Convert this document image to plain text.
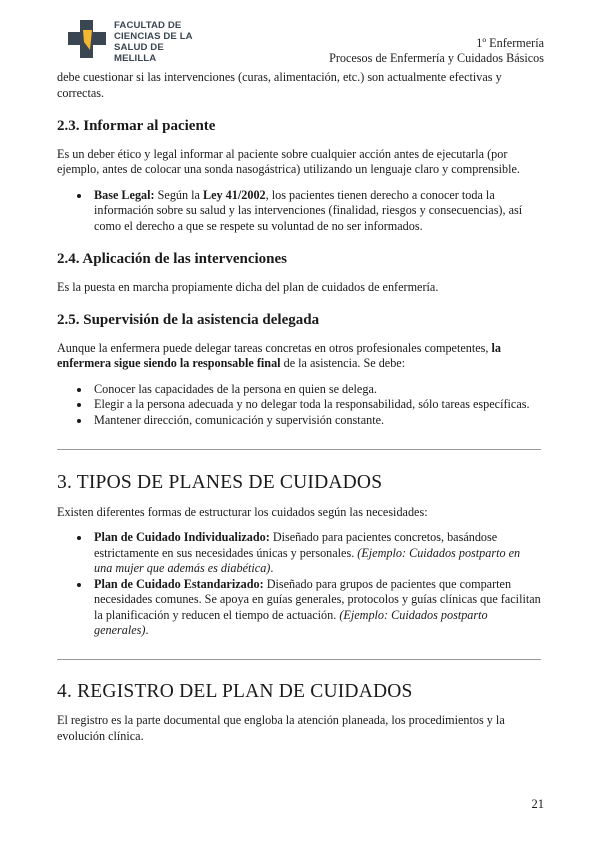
FACULTAD DE
CIENCIAS DE LA
SALUD DE MELILLA
1º Enfermería
Procesos de Enfermería y Cuidados Básicos

debe cuestionar si las intervenciones (curas, alimentación, etc.) son actualmente efectivas y correctas.

2.3. Informar al paciente

Es un deber ético y legal informar al paciente sobre cualquier acción antes de ejecutarla (por ejemplo, antes de colocar una sonda nasogástrica) utilizando un lenguaje claro y comprensible.

• Base Legal: Según la Ley 41/2002, los pacientes tienen derecho a conocer toda la información sobre su salud y las intervenciones (finalidad, riesgos y consecuencias), así como el derecho a que se respete su voluntad de no ser informados.
2.4. Aplicación de las intervenciones

Es la puesta en marcha propiamente dicha del plan de cuidados de enfermería.

2.5. Supervisión de la asistencia delegada

Aunque la enfermera puede delegar tareas concretas en otros profesionales competentes, la enfermera sigue siendo la responsable final de la asistencia. Se debe:

• Conocer las capacidades de la persona en quien se delega.
• Elegir a la persona adecuada y no delegar toda la responsabilidad, sólo tareas específicas.
• Mantener dirección, comunicación y supervisión constante.
3. TIPOS DE PLANES DE CUIDADOS

Existen diferentes formas de estructurar los cuidados según las necesidades:

• Plan de Cuidado Individualizado: Diseñado para pacientes concretos, basándose estrictamente en sus necesidades únicas y personales. (Ejemplo: Cuidados postparto en una mujer que además es diabética).
• Plan de Cuidado Estandarizado: Diseñado para grupos de pacientes que comparten necesidades comunes. Se apoya en guías generales, protocolos y guías clínicas que facilitan la planificación y reducen el tiempo de actuación. (Ejemplo: Cuidados postparto generales).
4. REGISTRO DEL PLAN DE CUIDADOS

El registro es la parte documental que engloba la atención planeada, los procedimientos y la evolución clínica.

21
